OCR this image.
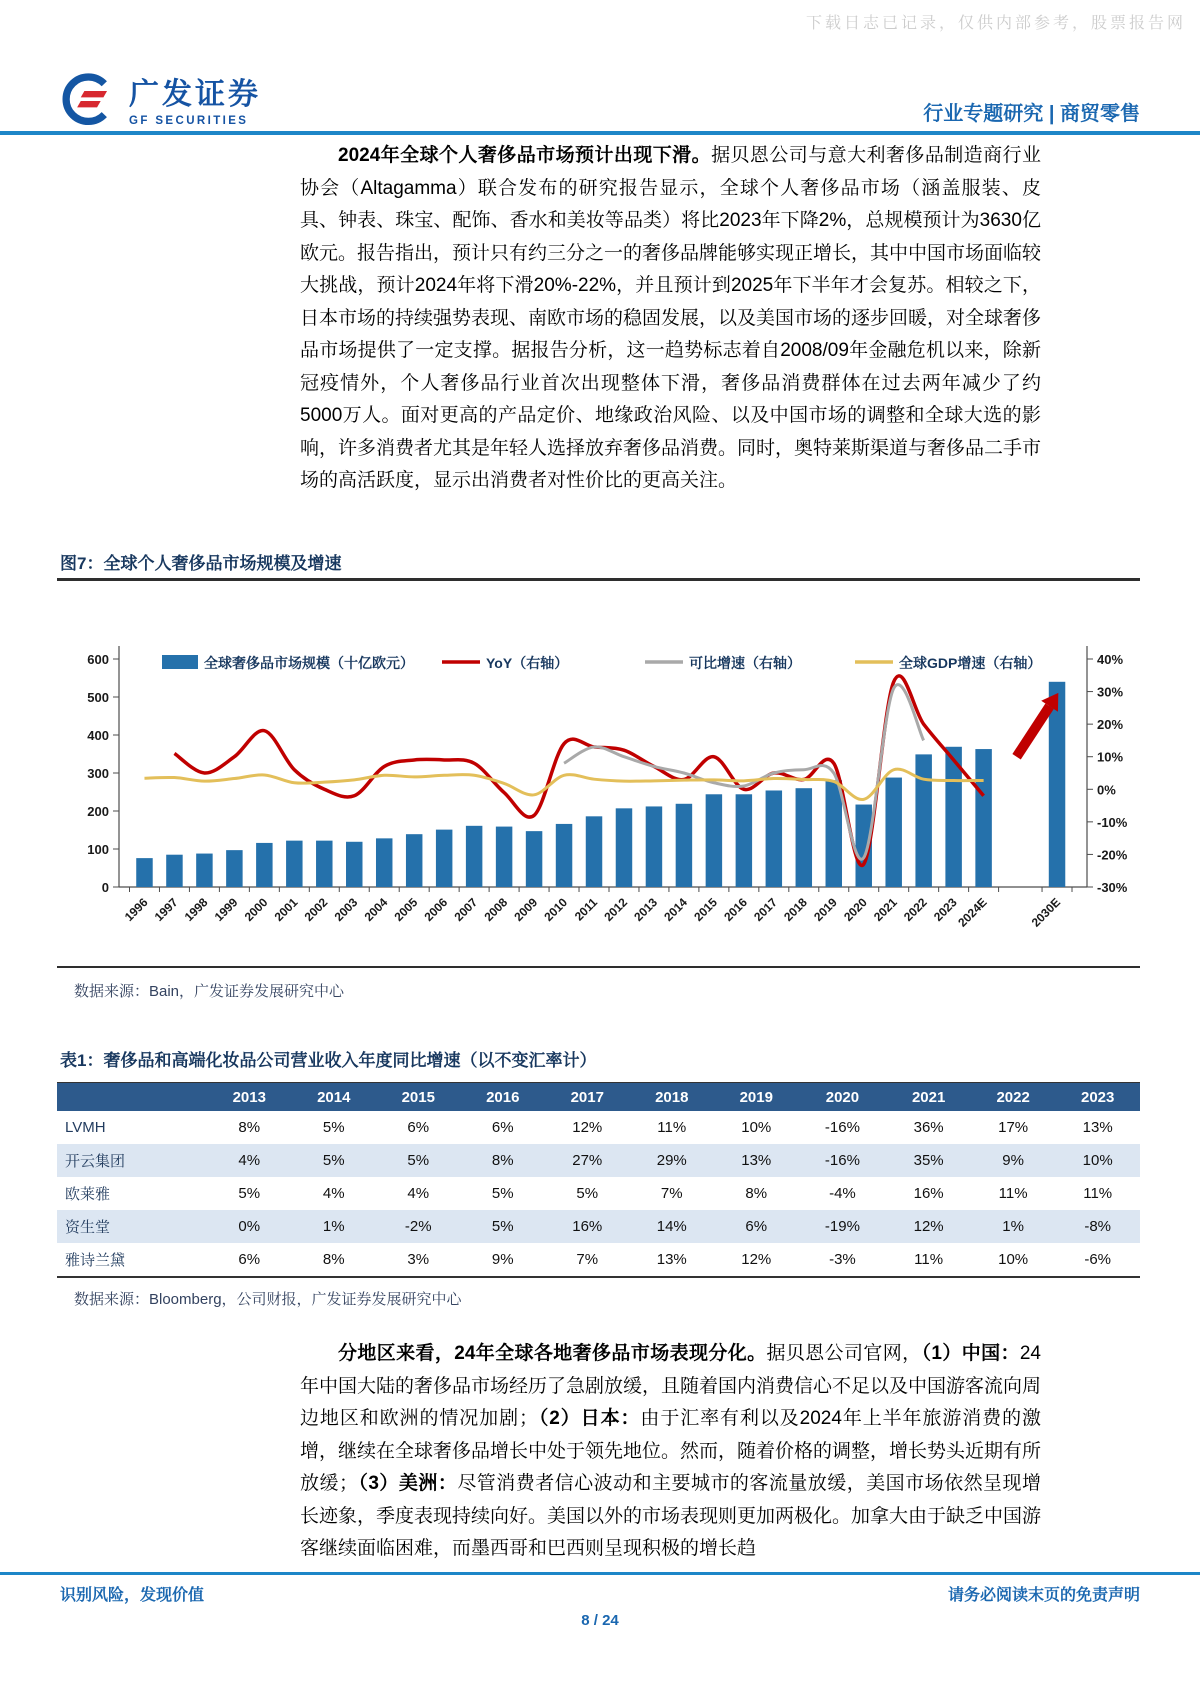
下载日志已记录，仅供内部参考，股票报告网
广发证券
GF SECURITIES	行业专题研究 | 商贸零售
2024年全球个人奢侈品市场预计出现下滑。据贝恩公司与意大利奢侈品制造商行业协会（Altagamma）联合发布的研究报告显示，全球个人奢侈品市场（涵盖服装、皮具、钟表、珠宝、配饰、香水和美妆等品类）将比2023年下降2%，总规模预计为3630亿欧元。报告指出，预计只有约三分之一的奢侈品牌能够实现正增长，其中中国市场面临较大挑战，预计2024年将下滑20%-22%，并且预计到2025年下半年才会复苏。相较之下，日本市场的持续强势表现、南欧市场的稳固发展，以及美国市场的逐步回暖，对全球奢侈品市场提供了一定支撑。据报告分析，这一趋势标志着自2008/09年金融危机以来，除新冠疫情外，个人奢侈品行业首次出现整体下滑，奢侈品消费群体在过去两年减少了约5000万人。面对更高的产品定价、地缘政治风险、以及中国市场的调整和全球大选的影响，许多消费者尤其是年轻人选择放弃奢侈品消费。同时，奥特莱斯渠道与奢侈品二手市场的高活跃度，显示出消费者对性价比的更高关注。
图7：全球个人奢侈品市场规模及增速
0
100
200
300
400
500
600	40%
30%
20%
10%
0%
-10%
-20%
-30%
1996 1997 1998 1999 2000 2001 2002 2003 2004 2005 2006 2007 2008 2009 2010 2011 2012 2013 2014 2015 2016 2017 2018 2019 2020 2021 2022 2023
2024E	2030E
全球奢侈品市场规模（十亿欧元）	YoY（右轴）	可比增速（右轴）	全球GDP增速（右轴）
数据来源：Bain，广发证券发展研究中心
表1：奢侈品和高端化妆品公司营业收入年度同比增速（以不变汇率计）
	2013	2014	2015	2016	2017	2018	2019	2020	2021	2022	2023
LVMH	8%	5%	6%	6%	12%	11%	10%	-16%	36%	17%	13%
开云集团	4%	5%	5%	8%	27%	29%	13%	-16%	35%	9%	10%
欧莱雅	5%	4%	4%	5%	5%	7%	8%	-4%	16%	11%	11%
资生堂	0%	1%	-2%	5%	16%	14%	6%	-19%	12%	1%	-8%
雅诗兰黛	6%	8%	3%	9%	7%	13%	12%	-3%	11%	10%	-6%
数据来源：Bloomberg，公司财报，广发证券发展研究中心
分地区来看，24年全球各地奢侈品市场表现分化。据贝恩公司官网，（1）中国：24年中国大陆的奢侈品市场经历了急剧放缓，且随着国内消费信心不足以及中国游客流向周边地区和欧洲的情况加剧；（2）日本：由于汇率有利以及2024年上半年旅游消费的激增，继续在全球奢侈品增长中处于领先地位。然而，随着价格的调整，增长势头近期有所放缓；（3）美洲：尽管消费者信心波动和主要城市的客流量放缓，美国市场依然呈现增长迹象，季度表现持续向好。美国以外的市场表现则更加两极化。加拿大由于缺乏中国游客继续面临困难，而墨西哥和巴西则呈现积极的增长趋
识别风险，发现价值	请务必阅读末页的免责声明
8 / 24
